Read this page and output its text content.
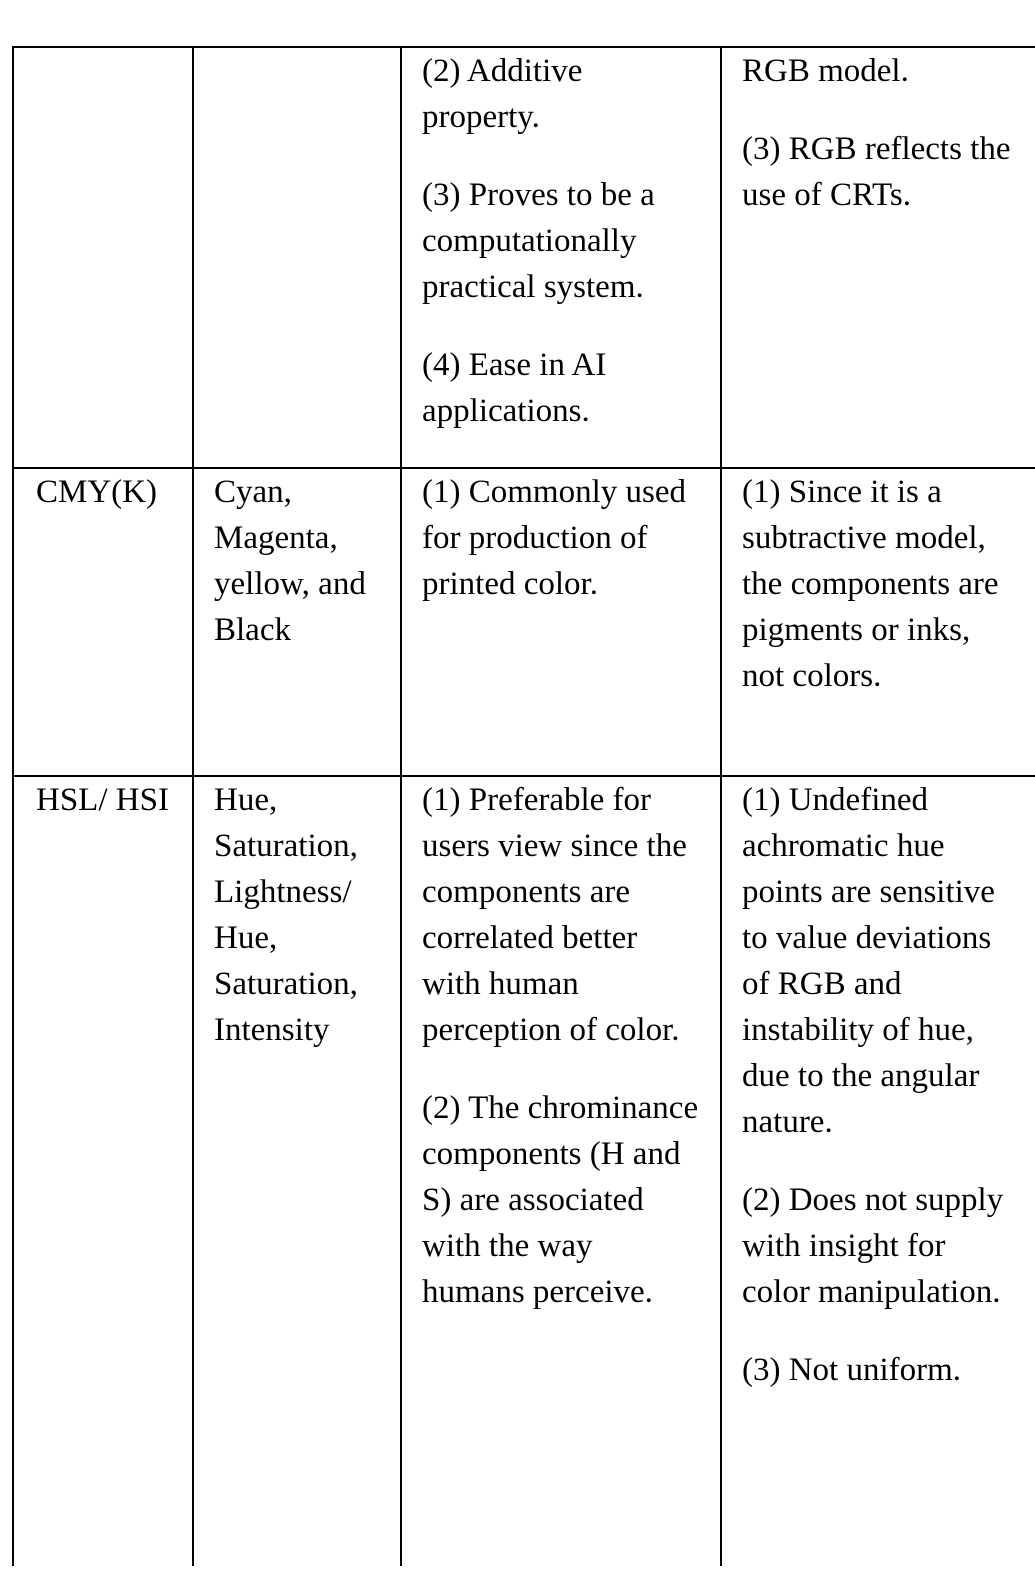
		(2) Additive property.
(3) Proves to be a computationally practical system.
(4) Ease in AI applications.	RGB model.
(3) RGB reflects the use of CRTs.

CMY(K)	Cyan, Magenta, yellow, and Black	(1) Commonly used for production of printed color.	(1) Since it is a subtractive model, the components are pigments or inks, not colors.

HSL/ HSI	Hue, Saturation, Lightness/ Hue, Saturation, Intensity	(1) Preferable for users view since the components are correlated better with human perception of color.
(2) The chrominance components (H and S) are associated with the way humans perceive.	(1) Undefined achromatic hue points are sensitive to value deviations of RGB and instability of hue, due to the angular nature.
(2) Does not supply with insight for color manipulation.
(3) Not uniform.
